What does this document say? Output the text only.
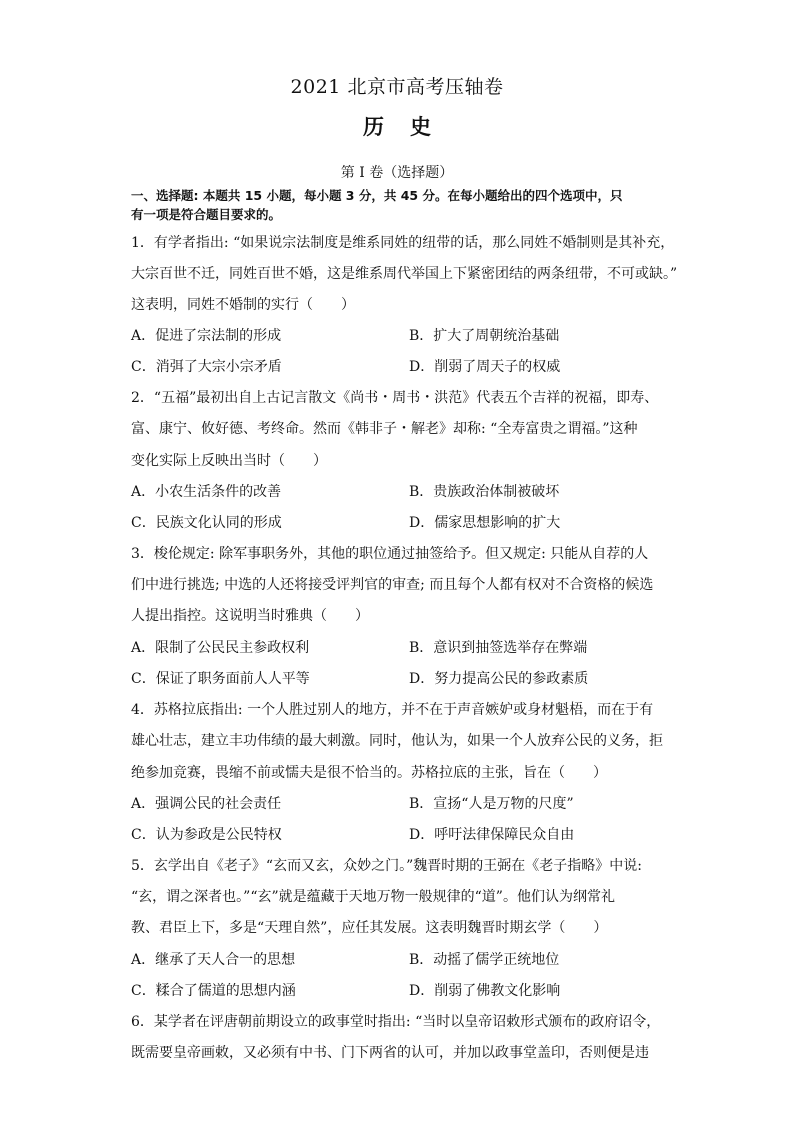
2021 北京市高考压轴卷
历史
第 I 卷（选择题）
一、选择题: 本题共 15 小题，每小题 3 分，共 45 分。在每小题给出的四个选项中，只
有一项是符合题目要求的。
1．有学者指出: “如果说宗法制度是维系同姓的纽带的话，那么同姓不婚制则是其补充，
大宗百世不迁，同姓百世不婚，这是维系周代举国上下紧密团结的两条纽带，不可或缺。”
这表明，同姓不婚制的实行（　　）
A．促进了宗法制的形成	B．扩大了周朝统治基础
C．消弭了大宗小宗矛盾	D．削弱了周天子的权威
2．“五福”最初出自上古记言散文《尚书・周书・洪范》代表五个吉祥的祝福，即寿、
富、康宁、攸好德、考终命。然而《韩非子・解老》却称: “全寿富贵之谓福。”这种
变化实际上反映出当时（　　）
A．小农生活条件的改善	B．贵族政治体制被破坏
C．民族文化认同的形成	D．儒家思想影响的扩大
3．梭伦规定: 除军事职务外，其他的职位通过抽签给予。但又规定: 只能从自荐的人
们中进行挑选; 中选的人还将接受评判官的审查; 而且每个人都有权对不合资格的候选
人提出指控。这说明当时雅典（　　）
A．限制了公民民主参政权利	B．意识到抽签选举存在弊端
C．保证了职务面前人人平等	D．努力提高公民的参政素质
4．苏格拉底指出: 一个人胜过别人的地方，并不在于声音嫉妒或身材魁梧，而在于有
雄心壮志，建立丰功伟绩的最大刺激。同时，他认为，如果一个人放弃公民的义务，拒
绝参加竞赛，畏缩不前或懦夫是很不恰当的。苏格拉底的主张，旨在（　　）
A．强调公民的社会责任	B．宣扬“人是万物的尺度”
C．认为参政是公民特权	D．呼吁法律保障民众自由
5．玄学出自《老子》“玄而又玄，众妙之门。”魏晋时期的王弼在《老子指略》中说:
“玄，谓之深者也。”“玄”就是蕴藏于天地万物一般规律的“道”。他们认为纲常礼
教、君臣上下，多是“天理自然”，应任其发展。这表明魏晋时期玄学（　　）
A．继承了天人合一的思想	B．动摇了儒学正统地位
C．糅合了儒道的思想内涵	D．削弱了佛教文化影响
6．某学者在评唐朝前期设立的政事堂时指出: “当时以皇帝诏敕形式颁布的政府诏令，
既需要皇帝画敕，又必须有中书、门下两省的认可，并加以政事堂盖印，否则便是违
